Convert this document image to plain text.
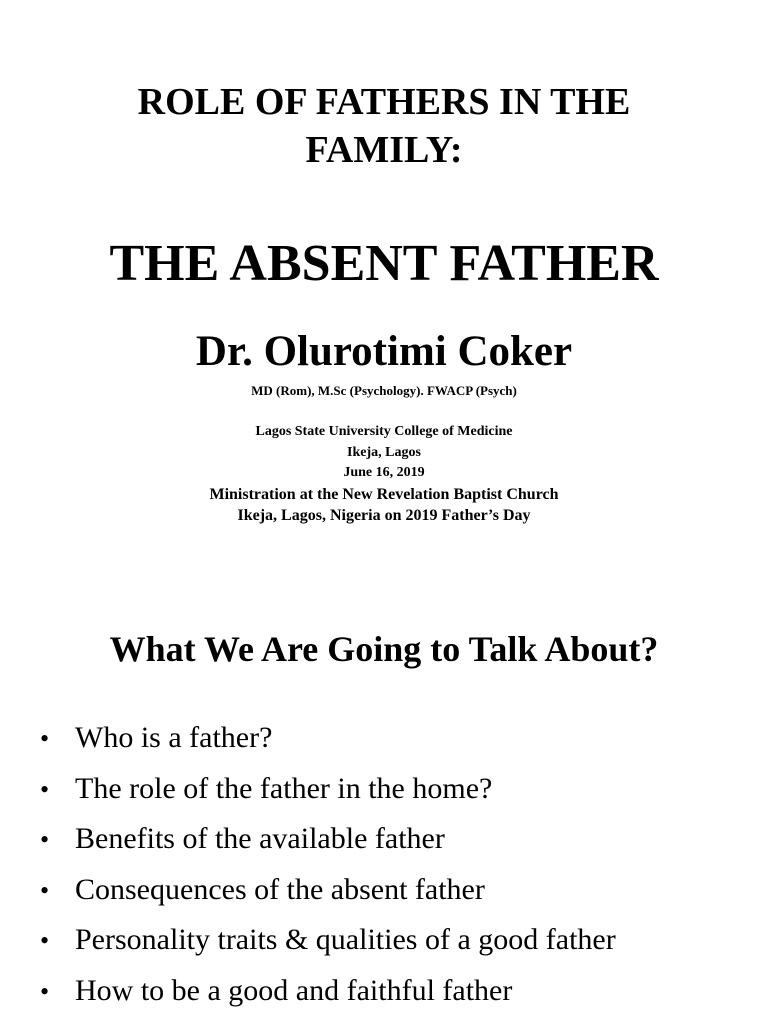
ROLE OF FATHERS IN THE
FAMILY:
THE ABSENT FATHER
Dr. Olurotimi Coker
MD (Rom), M.Sc (Psychology). FWACP (Psych)
Lagos State University College of Medicine
Ikeja, Lagos
June 16, 2019
Ministration at the New Revelation Baptist Church
Ikeja, Lagos, Nigeria on 2019 Father’s Day
What We Are Going to Talk About?
• Who is a father?
• The role of the father in the home?
• Benefits of the available father
• Consequences of the absent father
• Personality traits & qualities of a good father
• How to be a good and faithful father
